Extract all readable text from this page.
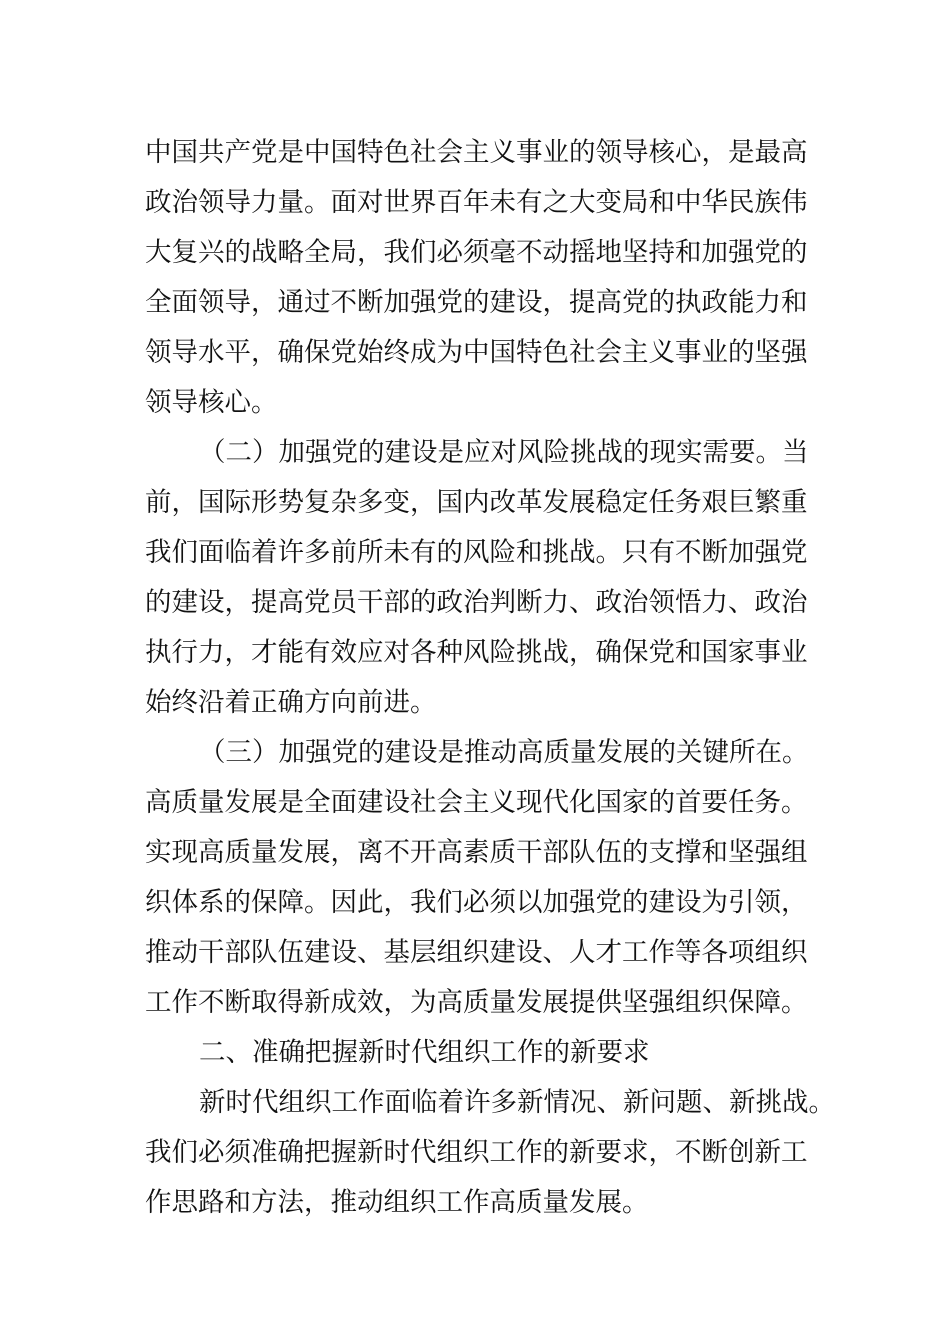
中国共产党是中国特色社会主义事业的领导核心，是最高
政治领导力量。面对世界百年未有之大变局和中华民族伟
大复兴的战略全局，我们必须毫不动摇地坚持和加强党的
全面领导，通过不断加强党的建设，提高党的执政能力和
领导水平，确保党始终成为中国特色社会主义事业的坚强
领导核心。
（二）加强党的建设是应对风险挑战的现实需要。当
前，国际形势复杂多变，国内改革发展稳定任务艰巨繁重
我们面临着许多前所未有的风险和挑战。只有不断加强党
的建设，提高党员干部的政治判断力、政治领悟力、政治
执行力，才能有效应对各种风险挑战，确保党和国家事业
始终沿着正确方向前进。
（三）加强党的建设是推动高质量发展的关键所在。
高质量发展是全面建设社会主义现代化国家的首要任务。
实现高质量发展，离不开高素质干部队伍的支撑和坚强组
织体系的保障。因此，我们必须以加强党的建设为引领，
推动干部队伍建设、基层组织建设、人才工作等各项组织
工作不断取得新成效，为高质量发展提供坚强组织保障。
二、准确把握新时代组织工作的新要求
新时代组织工作面临着许多新情况、新问题、新挑战。
我们必须准确把握新时代组织工作的新要求，不断创新工
作思路和方法，推动组织工作高质量发展。
